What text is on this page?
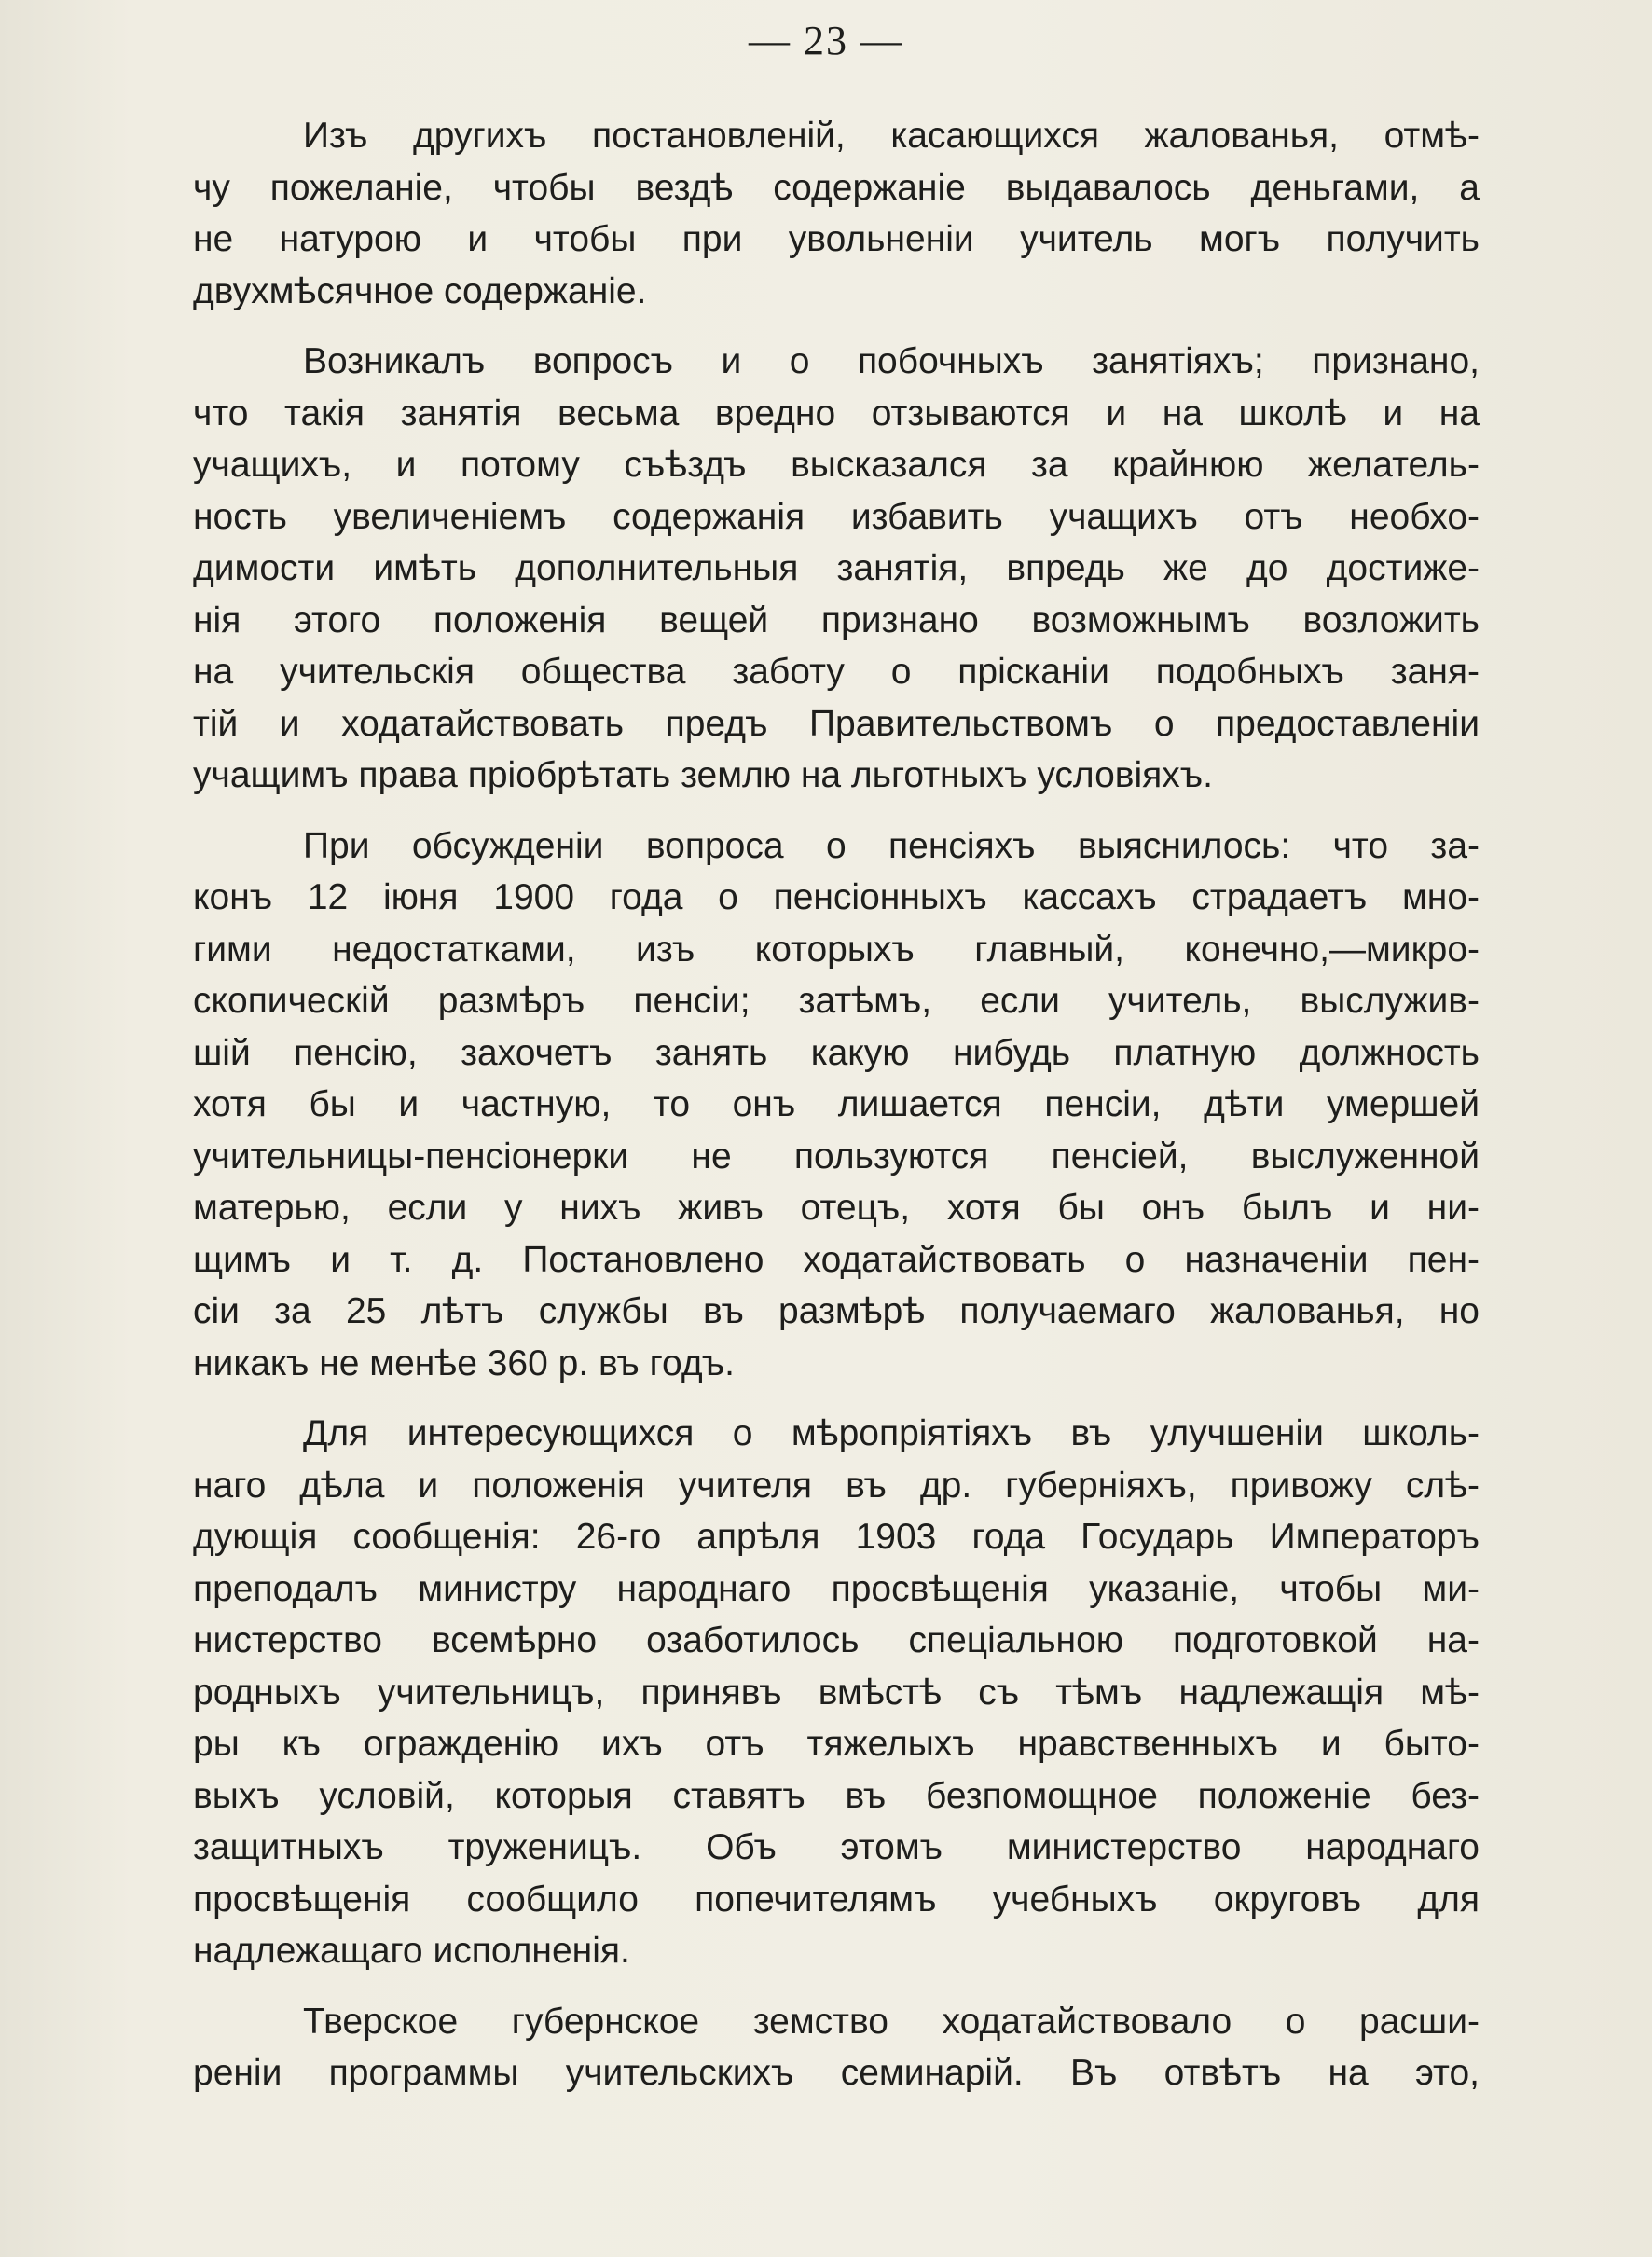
— 23 —
Изъ другихъ постановленій, касающихся жалованья, отмѣ-
чу пожеланіе, чтобы вездѣ содержаніе выдавалось деньгами, а
не натурою и чтобы при увольненіи учитель могъ получить
двухмѣсячное содержаніе.
Возникалъ вопросъ и о побочныхъ занятіяхъ; признано,
что такія занятія весьма вредно отзываются и на школѣ и на
учащихъ, и потому съѣздъ высказался за крайнюю желатель-
ность увеличеніемъ содержанія избавить учащихъ отъ необхо-
димости имѣть дополнительныя занятія, впредь же до достиже-
нія этого положенія вещей признано возможнымъ возложить
на учительскія общества заботу о прісканіи подобныхъ заня-
тій и ходатайствовать предъ Правительствомъ о предоставленіи
учащимъ права пріобрѣтать землю на льготныхъ условіяхъ.
При обсужденіи вопроса о пенсіяхъ выяснилось: что за-
конъ 12 іюня 1900 года о пенсіонныхъ кассахъ страдаетъ мно-
гими недостатками, изъ которыхъ главный, конечно,—микро-
скопическій размѣръ пенсіи; затѣмъ, если учитель, выслужив-
шій пенсію, захочетъ занять какую нибудь платную должность
хотя бы и частную, то онъ лишается пенсіи, дѣти умершей
учительницы-пенсіонерки не пользуются пенсіей, выслуженной
матерью, если у нихъ живъ отецъ, хотя бы онъ былъ и ни-
щимъ и т. д. Постановлено ходатайствовать о назначеніи пен-
сіи за 25 лѣтъ службы въ размѣрѣ получаемаго жалованья, но
никакъ не менѣе 360 р. въ годъ.
Для интересующихся о мѣропріятіяхъ въ улучшеніи школь-
наго дѣла и положенія учителя въ др. губерніяхъ, привожу слѣ-
дующія сообщенія: 26-го апрѣля 1903 года Государь Императоръ
преподалъ министру народнаго просвѣщенія указаніе, чтобы ми-
нистерство всемѣрно озаботилось спеціальною подготовкой на-
родныхъ учительницъ, принявъ вмѣстѣ съ тѣмъ надлежащія мѣ-
ры къ огражденію ихъ отъ тяжелыхъ нравственныхъ и быто-
выхъ условій, которыя ставятъ въ безпомощное положеніе без-
защитныхъ труженицъ. Объ этомъ министерство народнаго
просвѣщенія сообщило попечителямъ учебныхъ округовъ для
надлежащаго исполненія.
Тверское губернское земство ходатайствовало о расши-
реніи программы учительскихъ семинарій. Въ отвѣтъ на это,
